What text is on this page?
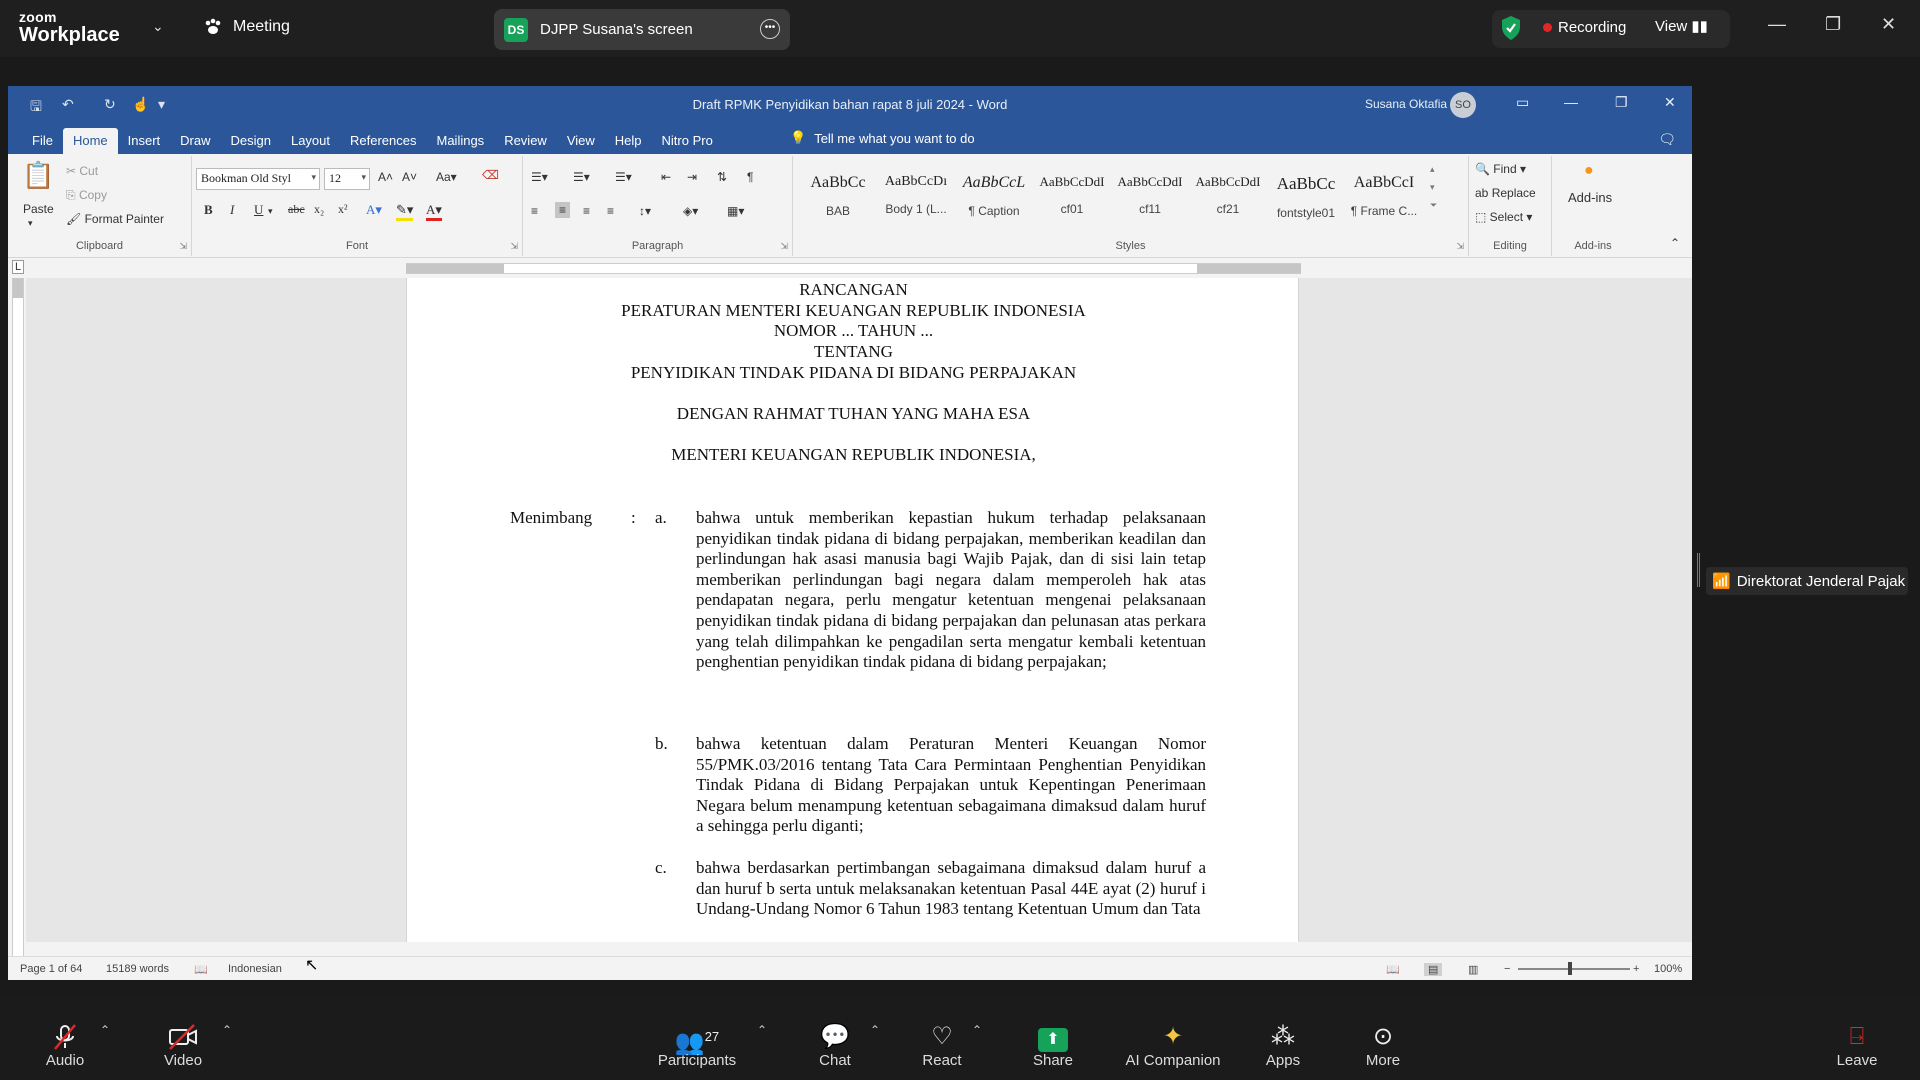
zoom
Workplace ⌄	Meeting	DS DJPP Susana's screen	•••	Recording View ▮▮	— ❐ ✕
🖫 ↶ ↻ ☝ ▾	Draft RPMK Penyidikan bahan rapat 8 juli 2024 - Word	Susana Oktafia SO	▭ —	❐	✕
File	Home	Insert	Draw	Design	Layout	References	Mailings	Review	View	Help	Nitro Pro	💡 Tell me what you want to do	🗨
📋
Paste
▾
✂ Cut
⎘ Copy
🖌 Format Painter
Clipboard	⇲
Bookman Old Styl ▾	12 ▾	A˄ A˅ Aa▾ ⌫
B I U ▾ abc x₂ x² A▾ ✎▾ A▾
Font	⇲
☰▾ ☰▾ ☰▾ ⇤ ⇥ ⇅ ¶
≡	≡	≡ ≡ ↕▾	◈▾ ▦▾
Paragraph	⇲
AaBbCc
BAB
AaBbCcDı
Body 1 (L...
AaBbCcL
¶ Caption
AaBbCcDdI
cf01
AaBbCcDdI
cf11
AaBbCcDdI
cf21
AaBbCc
fontstyle01
AaBbCcI
¶ Frame C...
▴
▾
⏷
Styles	⇲
🔍 Find ▾
ab Replace
⬚ Select ▾
Editing
●
Add-ins
Add-ins	⌃
L
RANCANGAN
PERATURAN MENTERI KEUANGAN REPUBLIK INDONESIA
NOMOR ... TAHUN ...
TENTANG
PENYIDIKAN TINDAK PIDANA DI BIDANG PERPAJAKAN
DENGAN RAHMAT TUHAN YANG MAHA ESA
MENTERI KEUANGAN REPUBLIK INDONESIA,
Menimbang : a. bahwa untuk memberikan kepastian hukum terhadap pelaksanaan penyidikan tindak pidana di bidang perpajakan, memberikan keadilan dan perlindungan hak asasi manusia bagi Wajib Pajak, dan di sisi lain tetap memberikan perlindungan bagi negara dalam memperoleh hak atas pendapatan negara, perlu mengatur ketentuan mengenai pelaksanaan penyidikan tindak pidana di bidang perpajakan dan pelunasan atas perkara yang telah dilimpahkan ke pengadilan serta mengatur kembali ketentuan penghentian penyidikan tindak pidana di bidang perpajakan;
b. bahwa ketentuan dalam Peraturan Menteri Keuangan Nomor 55/PMK.03/2016 tentang Tata Cara Permintaan Penghentian Penyidikan Tindak Pidana di Bidang Perpajakan untuk Kepentingan Penerimaan Negara belum menampung ketentuan sebagaimana dimaksud dalam huruf a sehingga perlu diganti;
c. bahwa berdasarkan pertimbangan sebagaimana dimaksud dalam huruf a dan huruf b serta untuk melaksanakan ketentuan Pasal 44E ayat (2) huruf i Undang-Undang Nomor 6 Tahun 1983 tentang Ketentuan Umum dan Tata
Page 1 of 64 15189 words 📖 Indonesian	📖	▤	▥ −	+ 100%
↖
📶 Direktorat Jenderal Pajak
Audio
⌃
Video
⌃	👥$^{27}$
Participants
⌃	💬
Chat
⌃	♡
React
⌃
⬆
Share
✦
AI Companion
⁂
Apps
⊙
More
⍈
Leave
